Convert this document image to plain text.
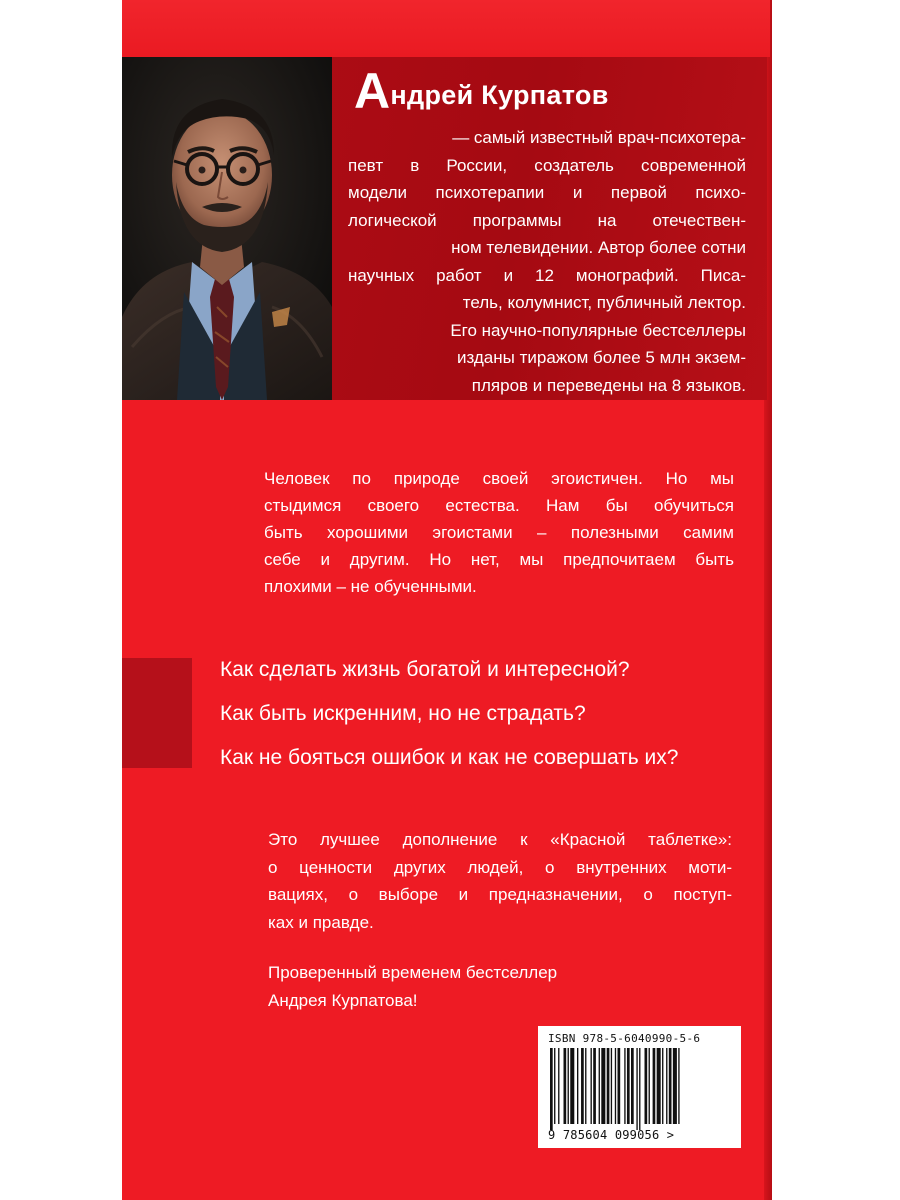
Андрей Курпатов
— самый известный врач-психотера-
певт в России, создатель современной
модели психотерапии и первой психо-
логической программы на отечествен-
ном телевидении. Автор более сотни
научных работ и 12 монографий. Писа-
тель, колумнист, публичный лектор.
Его научно-популярные бестселлеры
изданы тиражом более 5 млн экзем-
пляров и переведены на 8 языков.
Человек по природе своей эгоистичен. Но мы
стыдимся своего естества. Нам бы обучиться
быть хорошими эгоистами – полезными самим
себе и другим. Но нет, мы предпочитаем быть
плохими – не обученными.
Как сделать жизнь богатой и интересной?
Как быть искренним, но не страдать?
Как не бояться ошибок и как не совершать их?
Это лучшее дополнение к «Красной таблетке»:
о ценности других людей, о внутренних моти-
вациях, о выборе и предназначении, о поступ-
ках и правде.
Проверенный временем бестселлер
Андрея Курпатова!
ISBN 978-5-6040990-5-6
9 785604 099056 >
